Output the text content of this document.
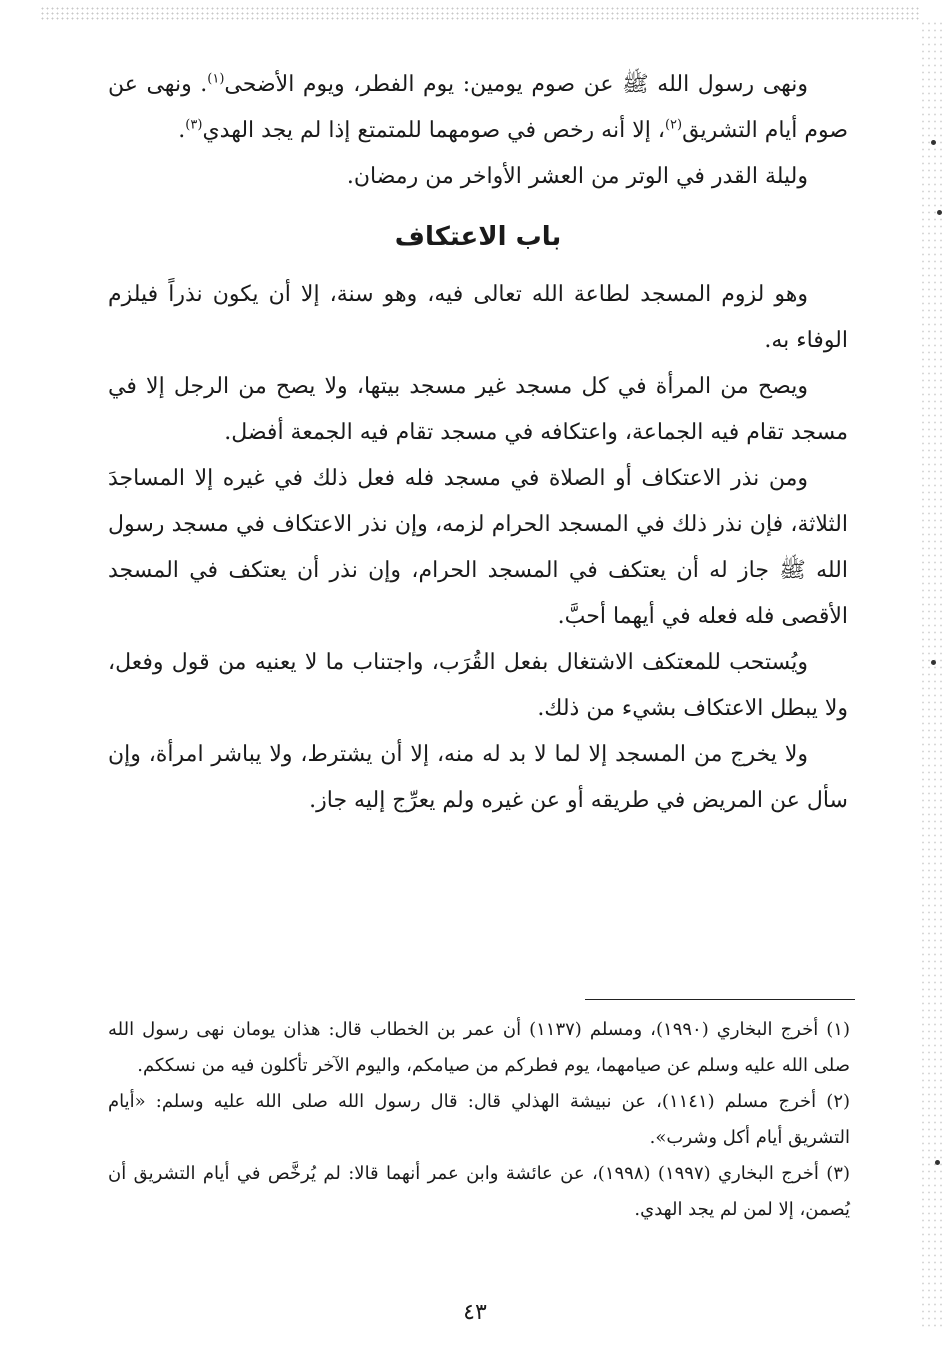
ونهى رسول الله ﷺ عن صوم يومين: يوم الفطر، ويوم الأضحى$^{(١)}$. ونهى عن صوم أيام التشريق$^{(٢)}$، إلا أنه رخص في صومهما للمتمتع إذا لم يجد الهدي$^{(٣)}$.

وليلة القدر في الوتر من العشر الأواخر من رمضان.

باب الاعتكاف

وهو لزوم المسجد لطاعة الله تعالى فيه، وهو سنة، إلا أن يكون نذراً فيلزم الوفاء به.

ويصح من المرأة في كل مسجد غير مسجد بيتها، ولا يصح من الرجل إلا في مسجد تقام فيه الجماعة، واعتكافه في مسجد تقام فيه الجمعة أفضل.

ومن نذر الاعتكاف أو الصلاة في مسجد فله فعل ذلك في غيره إلا المساجدَ الثلاثة، فإن نذر ذلك في المسجد الحرام لزمه، وإن نذر الاعتكاف في مسجد رسول الله ﷺ جاز له أن يعتكف في المسجد الحرام، وإن نذر أن يعتكف في المسجد الأقصى فله فعله في أيهما أحبَّ.

ويُستحب للمعتكف الاشتغال بفعل القُرَب، واجتناب ما لا يعنيه من قول وفعل، ولا يبطل الاعتكاف بشيء من ذلك.

ولا يخرج من المسجد إلا لما لا بد له منه، إلا أن يشترط، ولا يباشر امرأة، وإن سأل عن المريض في طريقه أو عن غيره ولم يعرِّج إليه جاز.

(١) أخرج البخاري (١٩٩٠)، ومسلم (١١٣٧) أن عمر بن الخطاب قال: هذان يومان نهى رسول الله صلى الله عليه وسلم عن صيامهما، يوم فطركم من صيامكم، واليوم الآخر تأكلون فيه من نسككم.

(٢) أخرج مسلم (١١٤١)، عن نبيشة الهذلي قال: قال رسول الله صلى الله عليه وسلم: «أيام التشريق أيام أكل وشرب».

(٣) أخرج البخاري (١٩٩٧) (١٩٩٨)، عن عائشة وابن عمر أنهما قالا: لم يُرخَّص في أيام التشريق أن يُصمن، إلا لمن لم يجد الهدي.

٤٣
